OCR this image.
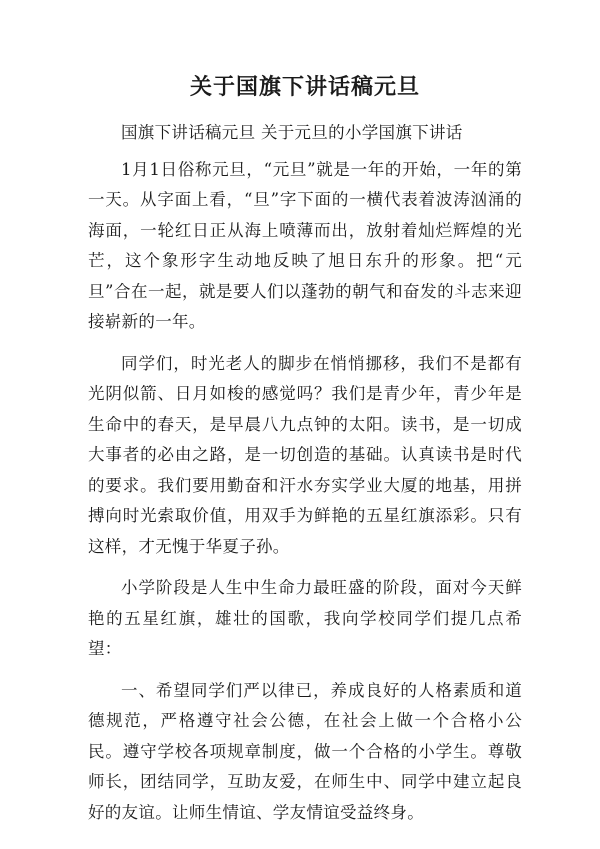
关于国旗下讲话稿元旦

国旗下讲话稿元旦 关于元旦的小学国旗下讲话

1月1日俗称元旦，“元旦”就是一年的开始，一年的第一天。从字面上看，“旦”字下面的一横代表着波涛汹涌的海面，一轮红日正从海上喷薄而出，放射着灿烂辉煌的光芒，这个象形字生动地反映了旭日东升的形象。把“元旦”合在一起，就是要人们以蓬勃的朝气和奋发的斗志来迎接崭新的一年。

同学们，时光老人的脚步在悄悄挪移，我们不是都有光阴似箭、日月如梭的感觉吗？我们是青少年，青少年是生命中的春天，是早晨八九点钟的太阳。读书，是一切成大事者的必由之路，是一切创造的基础。认真读书是时代的要求。我们要用勤奋和汗水夯实学业大厦的地基，用拼搏向时光索取价值，用双手为鲜艳的五星红旗添彩。只有这样，才无愧于华夏子孙。

小学阶段是人生中生命力最旺盛的阶段，面对今天鲜艳的五星红旗，雄壮的国歌，我向学校同学们提几点希望：

一、希望同学们严以律已，养成良好的人格素质和道德规范，严格遵守社会公德，在社会上做一个合格小公民。遵守学校各项规章制度，做一个合格的小学生。尊敬师长，团结同学，互助友爱，在师生中、同学中建立起良好的友谊。让师生情谊、学友情谊受益终身。
